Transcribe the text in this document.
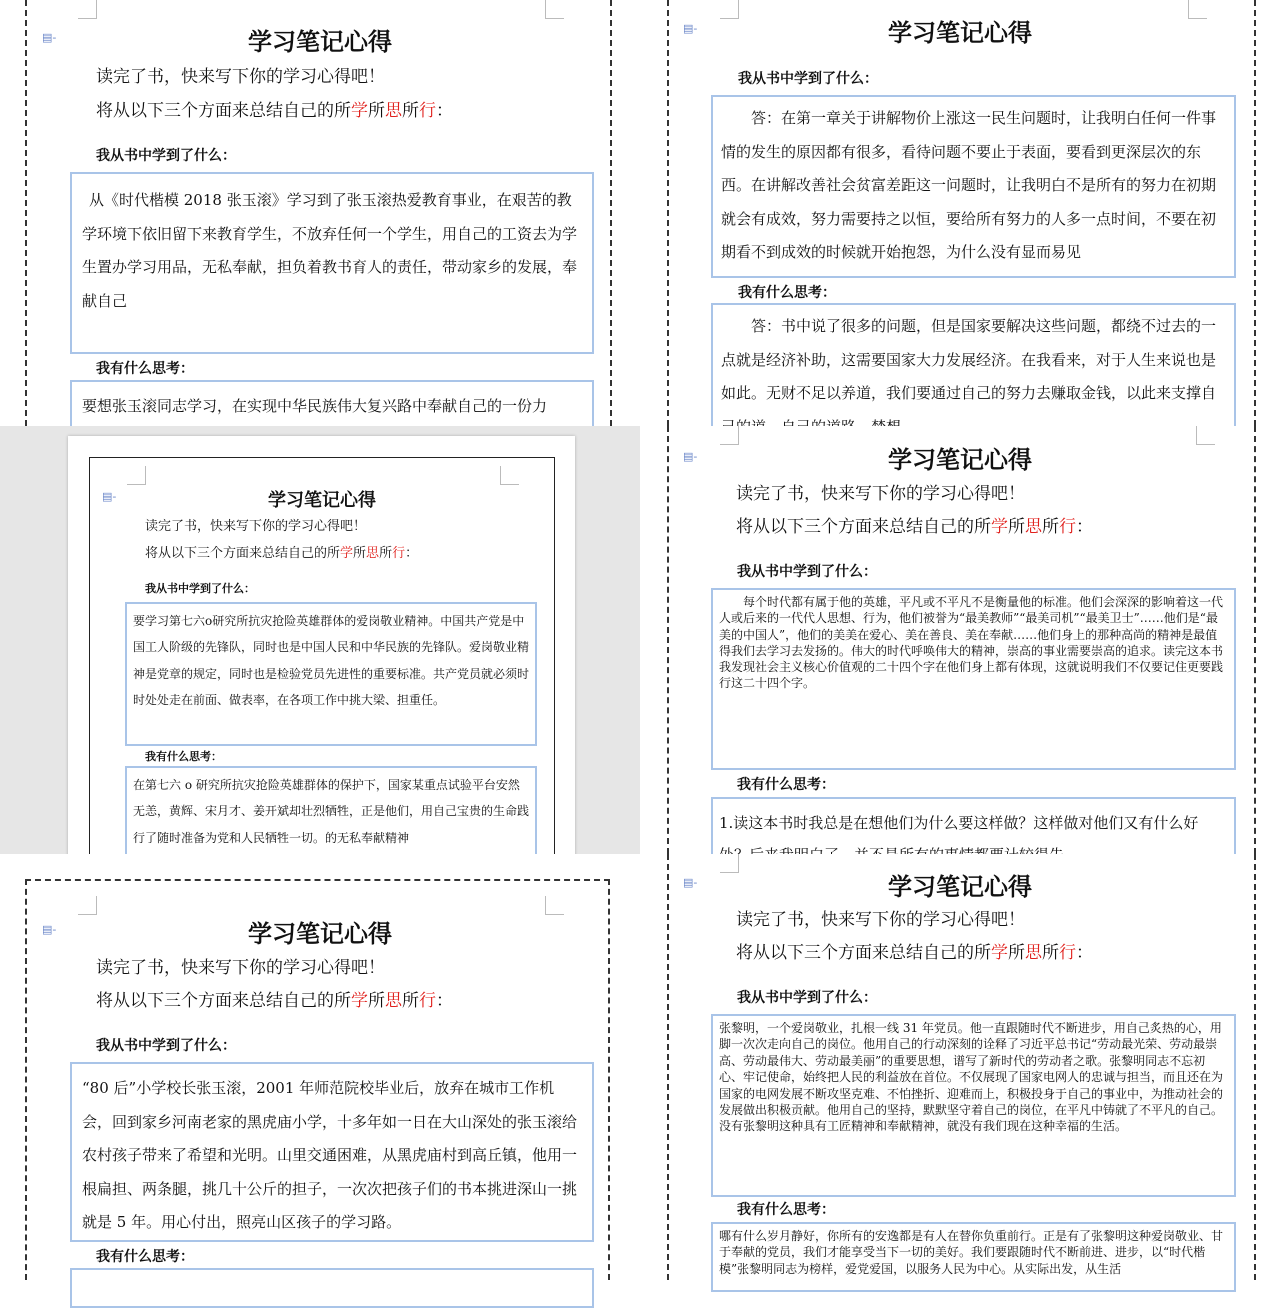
▤-	学习笔记心得
读完了书，快来写下你的学习心得吧！
将从以下三个方面来总结自己的所学所思所行：
我从书中学到了什么：

从《时代楷模 2018 张玉滚》学习到了张玉滚热爱教育事业，在艰苦的教学环境下依旧留下来教育学生，不放弃任何一个学生，用自己的工资去为学生置办学习用品，无私奉献，担负着教书育人的责任，带动家乡的发展，奉献自己

我有什么思考：

要想张玉滚同志学习，在实现中华民族伟大复兴路中奉献自己的一份力

▤-	学习笔记心得
我从书中学到了什么：

答：在第一章关于讲解物价上涨这一民生问题时，让我明白任何一件事情的发生的原因都有很多，看待问题不要止于表面，要看到更深层次的东西。在讲解改善社会贫富差距这一问题时，让我明白不是所有的努力在初期就会有成效，努力需要持之以恒，要给所有努力的人多一点时间，不要在初期看不到成效的时候就开始抱怨，为什么没有显而易见

我有什么思考：

答：书中说了很多的问题，但是国家要解决这些问题，都绕不过去的一点就是经济补助，这需要国家大力发展经济。在我看来，对于人生来说也是如此。无财不足以养道，我们要通过自己的努力去赚取金钱，以此来支撑自

▤-	学习笔记心得
读完了书，快来写下你的学习心得吧！
将从以下三个方面来总结自己的所学所思所行：
我从书中学到了什么：

要学习第七六o研究所抗灾抢险英雄群体的爱岗敬业精神。中国共产党是中国工人阶级的先锋队，同时也是中国人民和中华民族的先锋队。爱岗敬业精神是党章的规定，同时也是检验党员先进性的重要标准。共产党员就必须时时处处走在前面、做表率，在各项工作中挑大梁、担重任。

我有什么思考：

在第七六 o 研究所抗灾抢险英雄群体的保护下，国家某重点试验平台安然无恙，黄辉、宋月才、姜开斌却壮烈牺牲，正是他们，用自己宝贵的生命践行了随时准备为党和人民牺牲一切。的无私奉献精神

▤-	学习笔记心得
读完了书，快来写下你的学习心得吧！
将从以下三个方面来总结自己的所学所思所行：
我从书中学到了什么：

每个时代都有属于他的英雄，平凡或不平凡不是衡量他的标准。他们会深深的影响着这一代人或后来的一代代人思想、行为，他们被誉为“最美教师”“最美司机”“最美卫士”……他们是“最美的中国人”，他们的美美在爱心、美在善良、美在奉献……他们身上的那种高尚的精神是最值得我们去学习去发扬的。伟大的时代呼唤伟大的精神，崇高的事业需要崇高的追求。读完这本书我发现社会主义核心价值观的二十四个字在他们身上都有体现，这就说明我们不仅要记住更要践行这二十四个字。

我有什么思考：

1.读这本书时我总是在想他们为什么要这样做？这样做对他们又有什么好

▤-	学习笔记心得
读完了书，快来写下你的学习心得吧！
将从以下三个方面来总结自己的所学所思所行：
我从书中学到了什么：

“80 后”小学校长张玉滚，2001 年师范院校毕业后，放弃在城市工作机会，回到家乡河南老家的黑虎庙小学，十多年如一日在大山深处的张玉滚给农村孩子带来了希望和光明。山里交通困难，从黑虎庙村到高丘镇，他用一根扁担、两条腿，挑几十公斤的担子，一次次把孩子们的书本挑进深山一挑就是 5 年。用心付出，照亮山区孩子的学习路。

我有什么思考：
▤-	学习笔记心得
读完了书，快来写下你的学习心得吧！
将从以下三个方面来总结自己的所学所思所行：
我从书中学到了什么：

张黎明，一个爱岗敬业，扎根一线 31 年党员。他一直跟随时代不断进步，用自己炙热的心，用脚一次次走向自己的岗位。他用自己的行动深刻的诠释了习近平总书记“劳动最光荣、劳动最崇高、劳动最伟大、劳动最美丽”的重要思想，谱写了新时代的劳动者之歌。张黎明同志不忘初心、牢记使命，始终把人民的利益放在首位。不仅展现了国家电网人的忠诚与担当，而且还在为国家的电网发展不断攻坚克难、不怕挫折、迎难而上，积极投身于自己的事业中，为推动社会的发展做出积极贡献。他用自己的坚持，默默坚守着自己的岗位，在平凡中铸就了不平凡的自己。没有张黎明这种具有工匠精神和奉献精神，就没有我们现在这种幸福的生活。

我有什么思考：

哪有什么岁月静好，你所有的安逸都是有人在替你负重前行。正是有了张黎明这种爱岗敬业、甘于奉献的党员，我们才能享受当下一切的美好。我们要跟随时代不断前进、进步，以“时代楷模”张黎明同志为榜样，爱党爱国，以服务人民为中心。从实际出发，从生活
